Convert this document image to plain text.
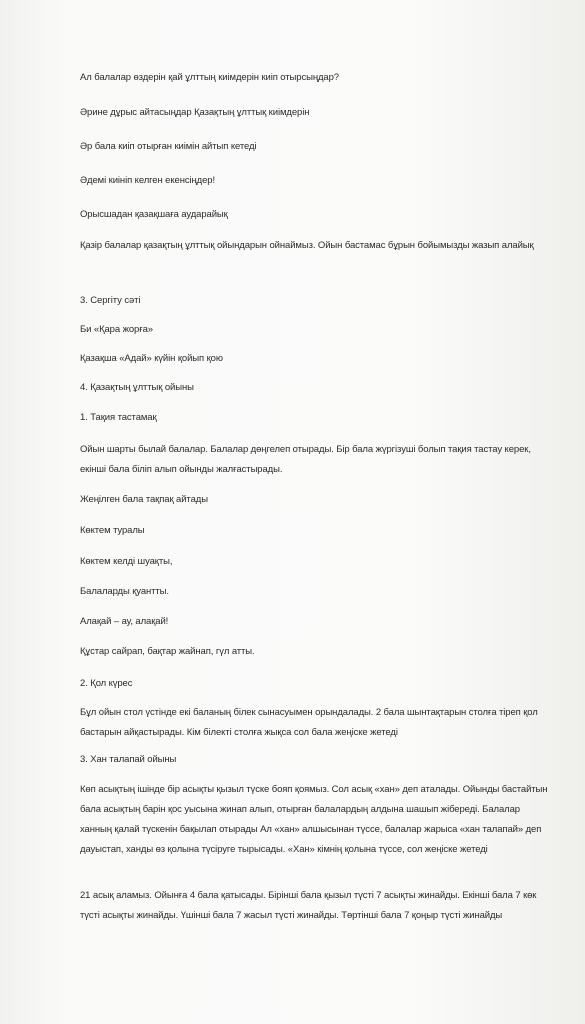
Ал балалар өздерін қай ұлттың киімдерін киіп отырсыңдар?

Әрине дұрыс айтасыңдар Қазақтың ұлттық киімдерін

Әр бала киіп отырған киімін айтып кетеді

Әдемі киініп келген екенсіңдер!

Орысшадан қазақшаға аударайық

Қазір балалар қазақтың ұлттық ойындарын ойнаймыз. Ойын бастамас бұрын бойымызды жазып алайық

3. Сергіту сәті

Би «Қара жорға»

Қазақша «Адай» күйін қойып қою

4. Қазақтың ұлттық ойыны

1. Тақия тастамақ

Ойын шарты былай балалар. Балалар дөңгелеп отырады. Бір бала жүргізуші болып тақия тастау керек, екінші бала біліп алып ойынды жалғастырады.

Жеңілген бала тақпақ айтады

Көктем туралы

Көктем келді шуақты,

Балаларды қуантты.

Алақай – ау, алақай!

Құстар сайрап, бақтар жайнап, гүл атты.

2. Қол күрес

Бұл ойын стол үстінде екі баланың білек сынасуымен орындалады. 2 бала шынтақтарын столға тіреп қол бастарын айқастырады. Кім білекті столға жықса сол бала жеңіске жетеді

3. Хан талапай ойыны

Көп асықтың ішінде бір асықты қызыл түске бояп қоямыз. Сол асық «хан» деп аталады. Ойынды бастайтын бала асықтың барін қос уысына жинап алып, отырған балалардың алдына шашып жібереді. Балалар ханның қалай түскенін бақылап отырады Ал «хан» алшысынан түссе, балалар жарыса «хан талапай» деп дауыстап, ханды өз қолына түсіруге тырысады. «Хан» кімнің қолына түссе, сол жеңіске жетеді

21 асық аламыз. Ойынға 4 бала қатысады. Бірінші бала қызыл түсті 7 асықты жинайды. Екінші бала 7 көк түсті асықты жинайды. Үшінші бала 7 жасыл түсті жинайды. Төртінші бала 7 қоңыр түсті жинайды
